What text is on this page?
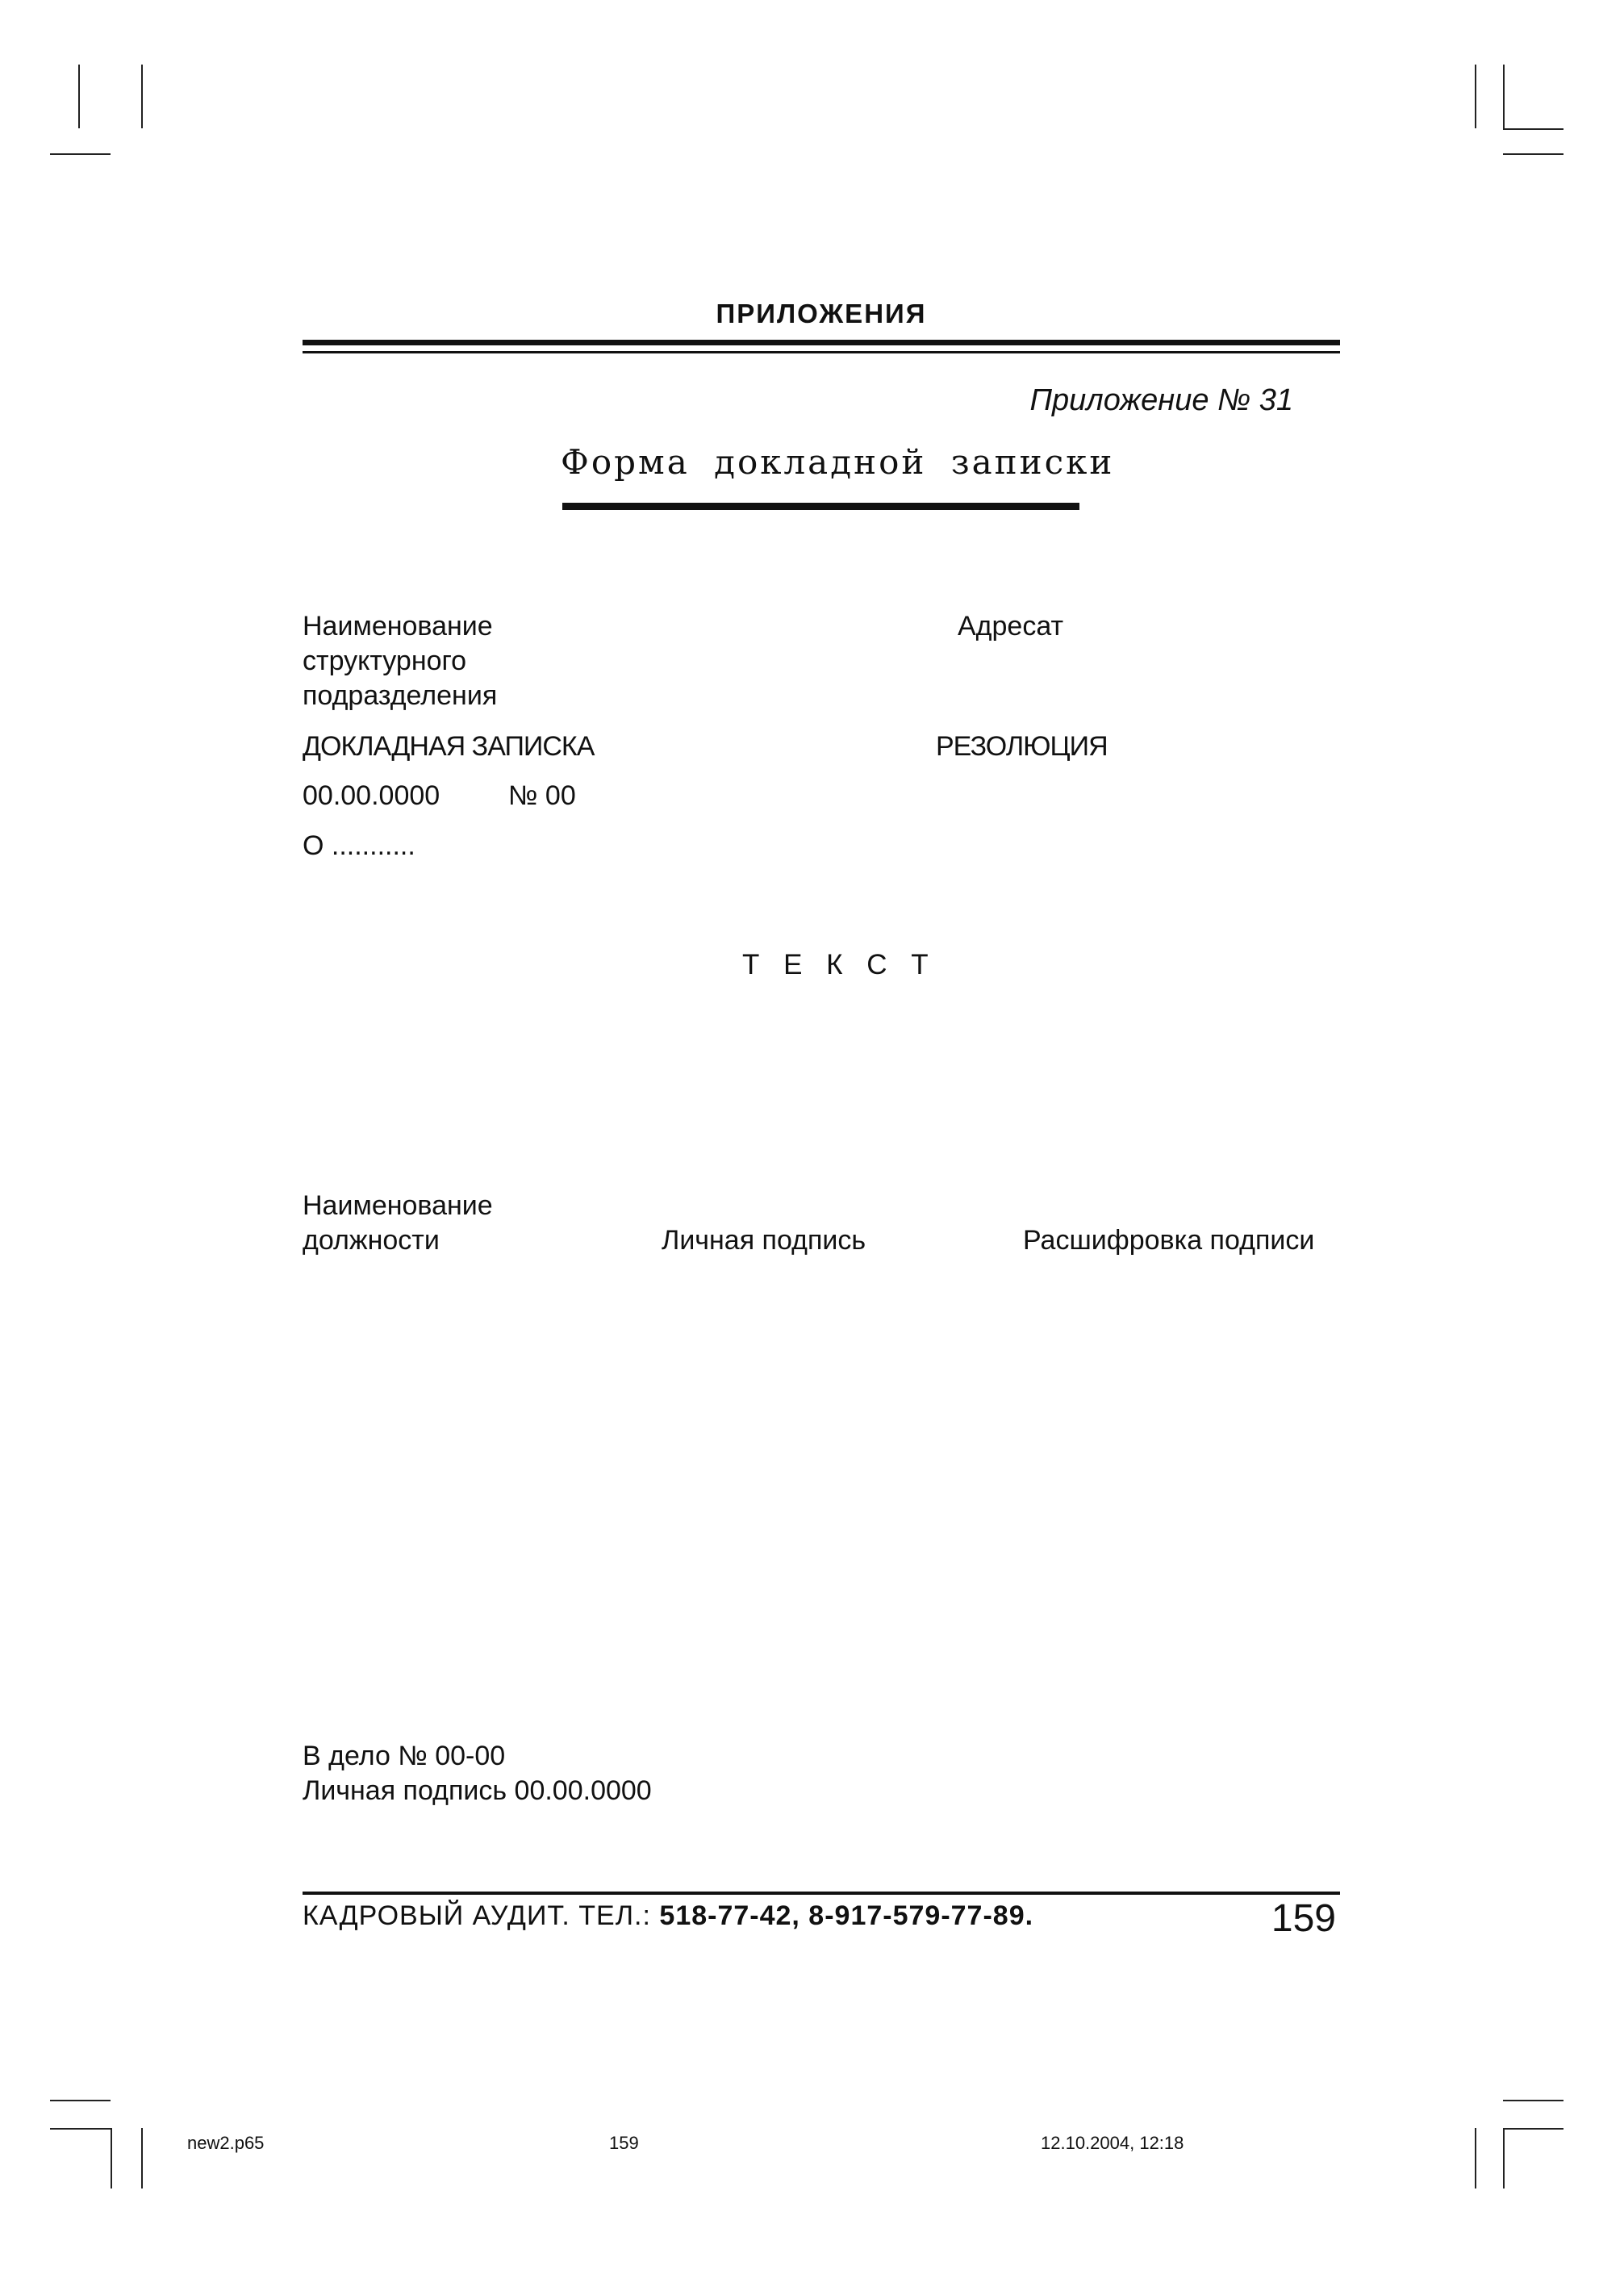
ПРИЛОЖЕНИЯ
Приложение № 31
Форма докладной записки
Наименование
структурного
подразделения
Адресат
ДОКЛАДНАЯ ЗАПИСКА	РЕЗОЛЮЦИЯ
00.00.0000 № 00
О ...........
Т Е К С Т
Наименование
должности	Личная подпись	Расшифровка подписи
В дело № 00-00
Личная подпись 00.00.0000
КАДРОВЫЙ АУДИТ. ТЕЛ.: 518-77-42, 8-917-579-77-89.	159
new2.p65	159	12.10.2004, 12:18
